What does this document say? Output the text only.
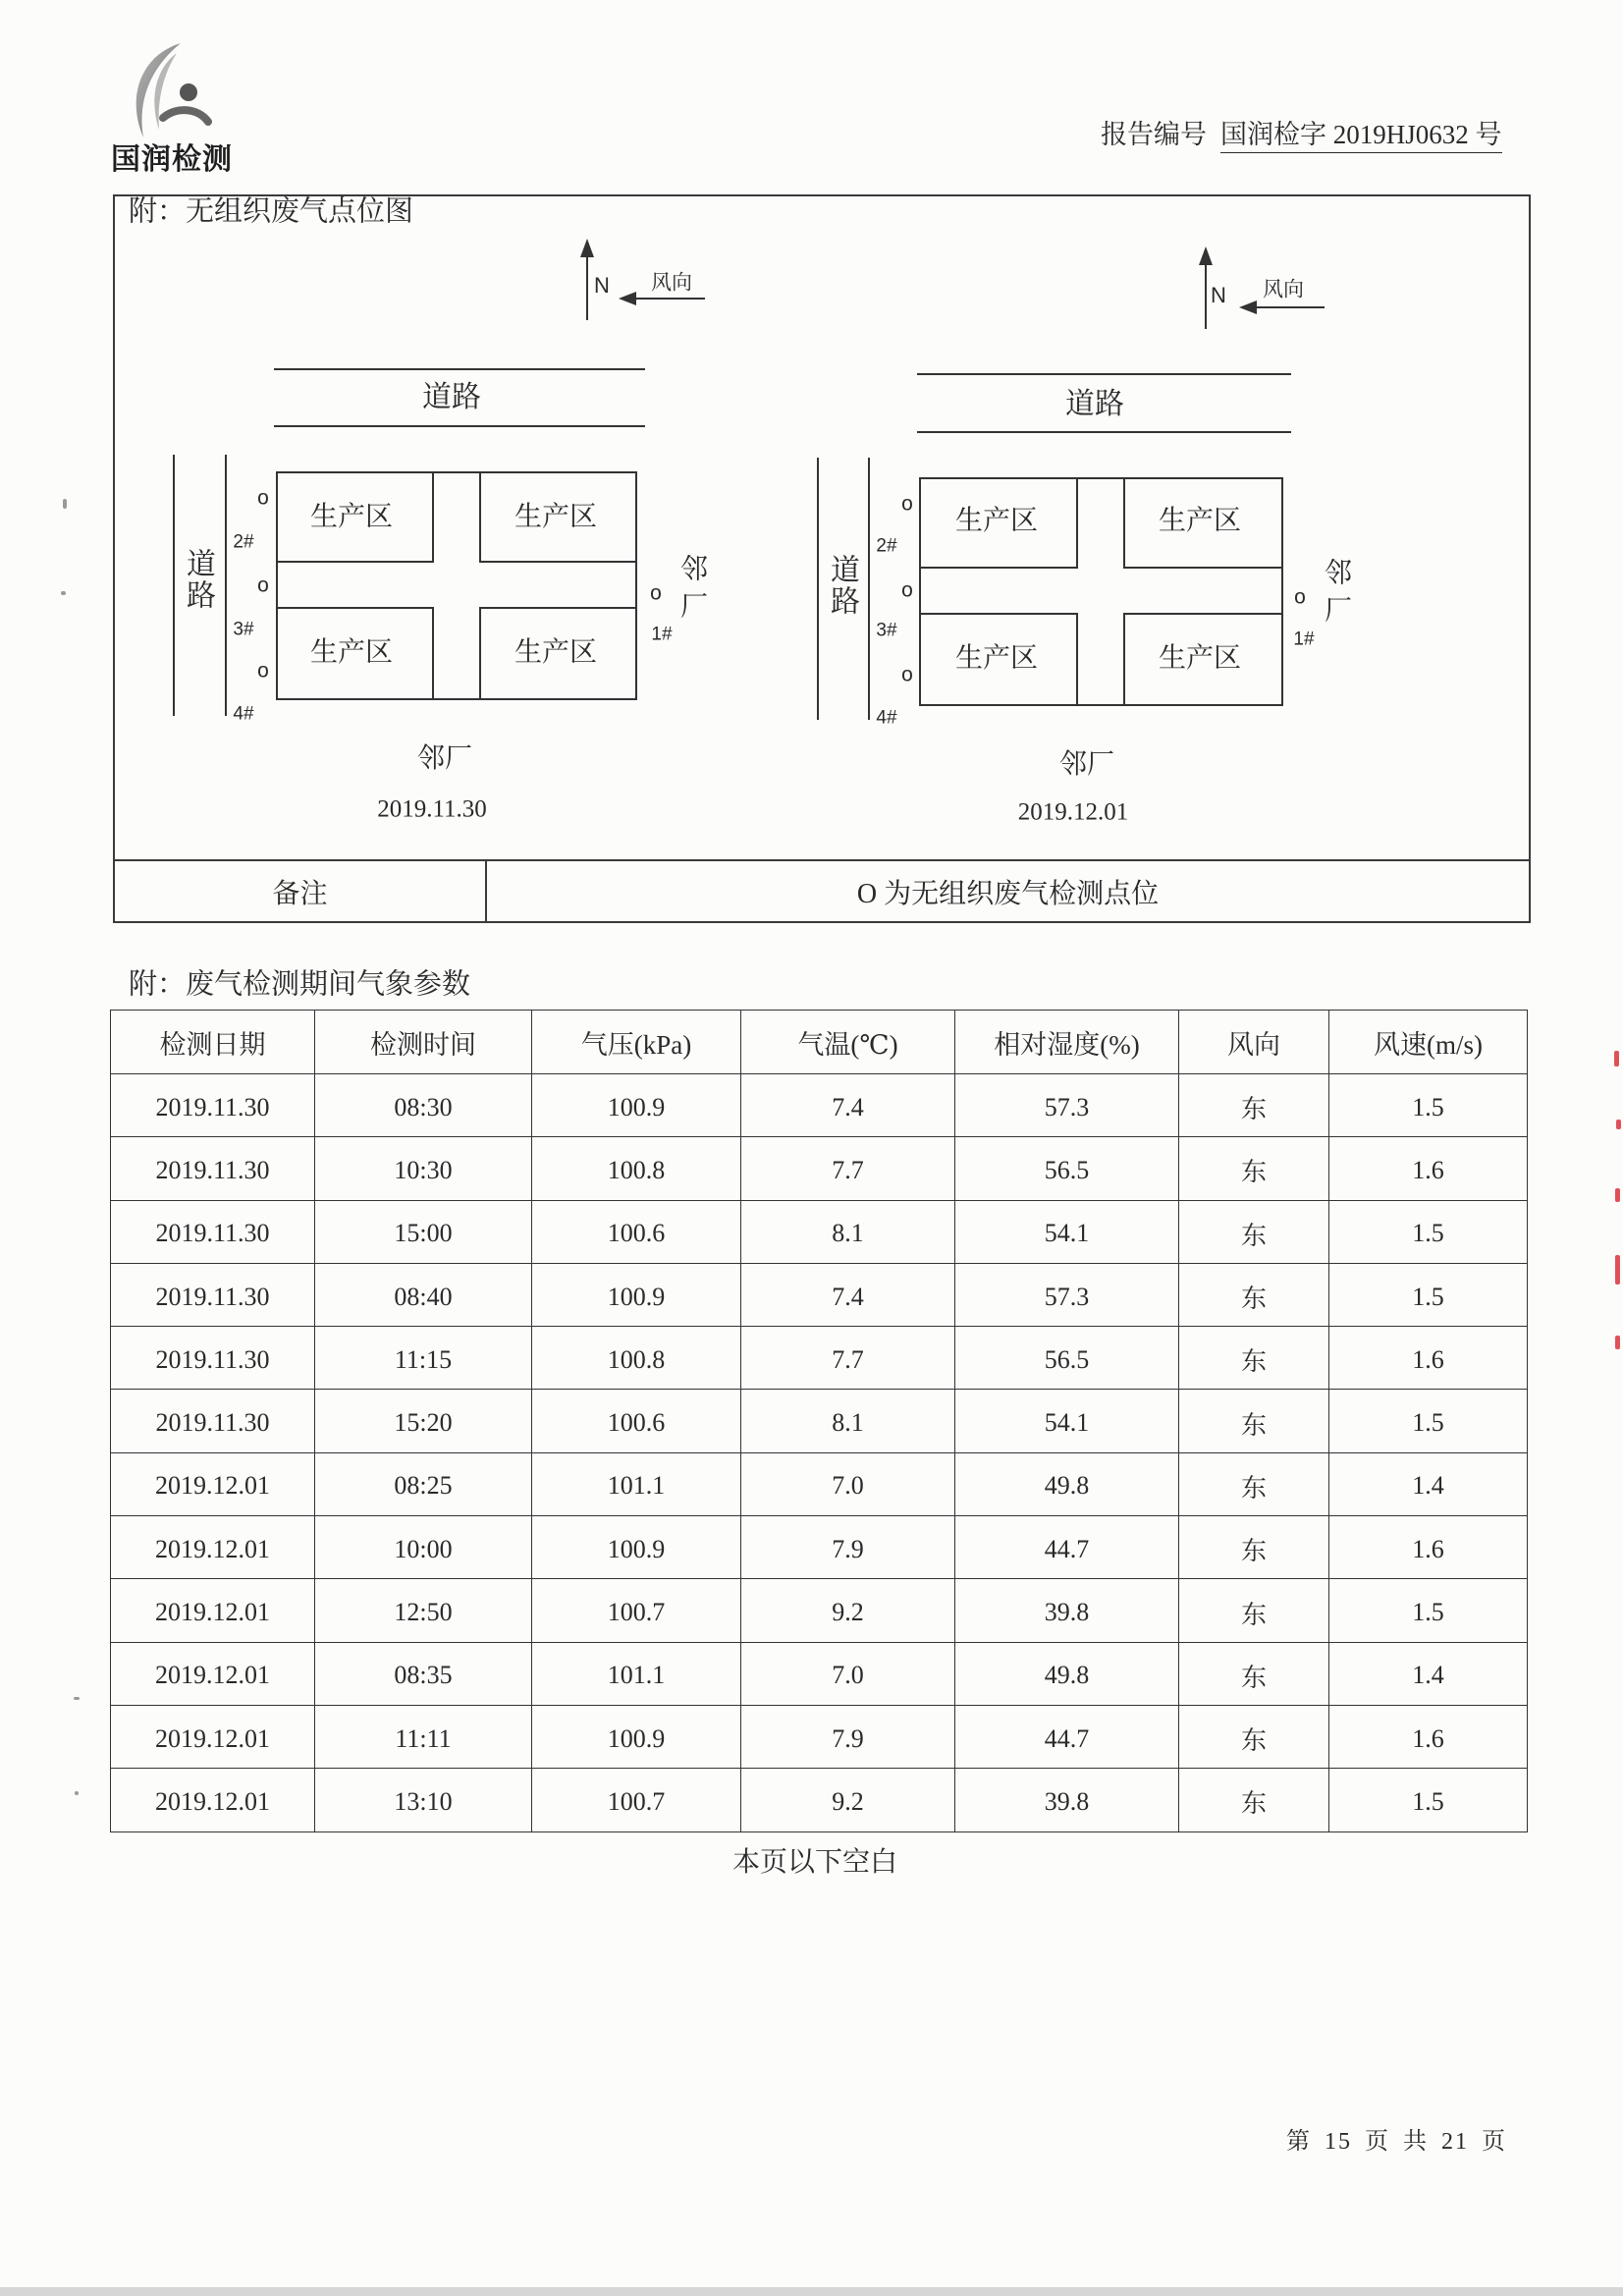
国润检测
报告编号 国润检字 2019HJ0632 号
备注	O 为无组织废气检测点位
附：无组织废气点位图
N 风向
道路
道路
生产区	生产区
生产区	生产区
o
2#
o
3#
o
4#
o
1#
邻厂
邻厂
2019.11.30
N 风向
道路
道路
生产区	生产区
生产区	生产区
o
2#
o
3#
o
4#
o
1#
邻厂
邻厂
2019.12.01
附：废气检测期间气象参数
检测日期	检测时间	气压(kPa)	气温(℃)	相对湿度(%)	风向	风速(m/s)
2019.11.30	08:30	100.9	7.4	57.3	东	1.5
2019.11.30	10:30	100.8	7.7	56.5	东	1.6
2019.11.30	15:00	100.6	8.1	54.1	东	1.5
2019.11.30	08:40	100.9	7.4	57.3	东	1.5
2019.11.30	11:15	100.8	7.7	56.5	东	1.6
2019.11.30	15:20	100.6	8.1	54.1	东	1.5
2019.12.01	08:25	101.1	7.0	49.8	东	1.4
2019.12.01	10:00	100.9	7.9	44.7	东	1.6
2019.12.01	12:50	100.7	9.2	39.8	东	1.5
2019.12.01	08:35	101.1	7.0	49.8	东	1.4
2019.12.01	11:11	100.9	7.9	44.7	东	1.6
2019.12.01	13:10	100.7	9.2	39.8	东	1.5
本页以下空白
第 15 页 共 21 页
